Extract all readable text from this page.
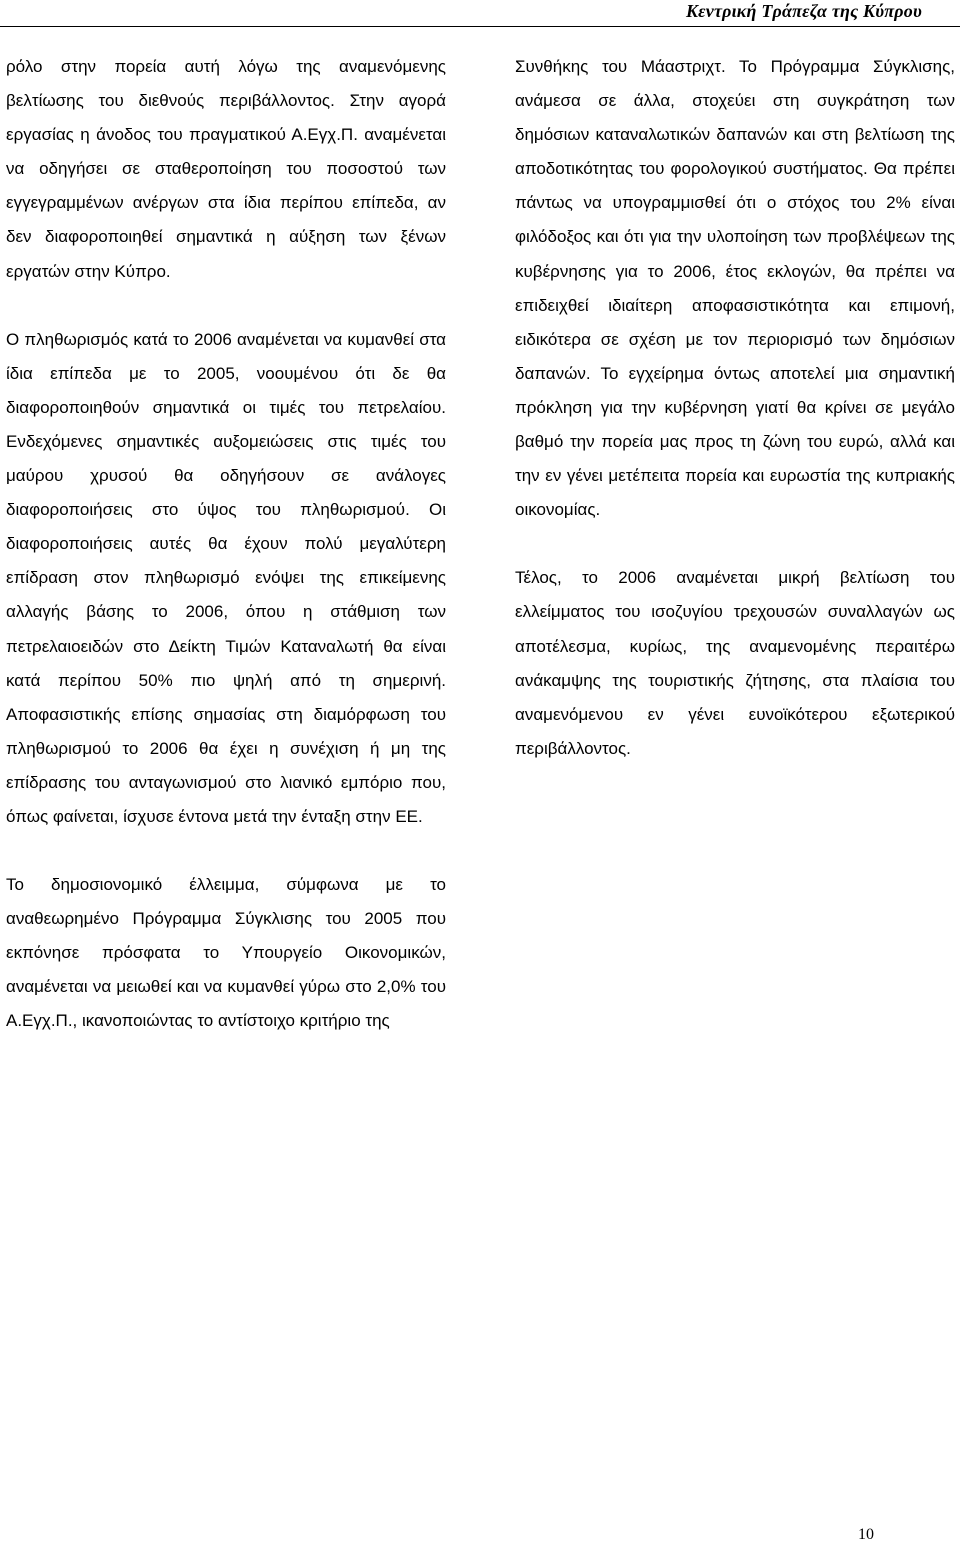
Κεντρική Τράπεζα της Κύπρου

ρόλο στην πορεία αυτή λόγω της αναμενόμενης βελτίωσης του διεθνούς περιβάλλοντος. Στην αγορά εργασίας η άνοδος του πραγματικού Α.Εγχ.Π. αναμένεται να οδηγήσει σε σταθεροποίηση του ποσοστού των εγγεγραμμένων ανέργων στα ίδια περίπου επίπεδα, αν δεν διαφοροποιηθεί σημαντικά η αύξηση των ξένων εργατών στην Κύπρο.

Ο πληθωρισμός κατά το 2006 αναμένεται να κυμανθεί στα ίδια επίπεδα με το 2005, νοουμένου ότι δε θα διαφοροποιηθούν σημαντικά οι τιμές του πετρελαίου. Ενδεχόμενες σημαντικές αυξομειώσεις στις τιμές του μαύρου χρυσού θα οδηγήσουν σε ανάλογες διαφοροποιήσεις στο ύψος του πληθωρισμού. Οι διαφοροποιήσεις αυτές θα έχουν πολύ μεγαλύτερη επίδραση στον πληθωρισμό ενόψει της επικείμενης αλλαγής βάσης το 2006, όπου η στάθμιση των πετρελαιοειδών στο Δείκτη Τιμών Καταναλωτή θα είναι κατά περίπου 50% πιο ψηλή από τη σημερινή. Αποφασιστικής επίσης σημασίας στη διαμόρφωση του πληθωρισμού το 2006 θα έχει η συνέχιση ή μη της επίδρασης του ανταγωνισμού στο λιανικό εμπόριο που, όπως φαίνεται, ίσχυσε έντονα μετά την ένταξη στην ΕΕ.

Το δημοσιονομικό έλλειμμα, σύμφωνα με το αναθεωρημένο Πρόγραμμα Σύγκλισης του 2005 που εκπόνησε πρόσφατα το Υπουργείο Οικονομικών, αναμένεται να μειωθεί και να κυμανθεί γύρω στο 2,0% του Α.Εγχ.Π., ικανοποιώντας το αντίστοιχο κριτήριο της

Συνθήκης του Μάαστριχτ. Το Πρόγραμμα Σύγκλισης, ανάμεσα σε άλλα, στοχεύει στη συγκράτηση των δημόσιων καταναλωτικών δαπανών και στη βελτίωση της αποδοτικότητας του φορολογικού συστήματος. Θα πρέπει πάντως να υπογραμμισθεί ότι ο στόχος του 2% είναι φιλόδοξος και ότι για την υλοποίηση των προβλέψεων της κυβέρνησης για το 2006, έτος εκλογών, θα πρέπει να επιδειχθεί ιδιαίτερη αποφασιστικότητα και επιμονή, ειδικότερα σε σχέση με τον περιορισμό των δημόσιων δαπανών. Το εγχείρημα όντως αποτελεί μια σημαντική πρόκληση για την κυβέρνηση γιατί θα κρίνει σε μεγάλο βαθμό την πορεία μας προς τη ζώνη του ευρώ, αλλά και την εν γένει μετέπειτα πορεία και ευρωστία της κυπριακής οικονομίας.

Τέλος, το 2006 αναμένεται μικρή βελτίωση του ελλείμματος του ισοζυγίου τρεχουσών συναλλαγών ως αποτέλεσμα, κυρίως, της αναμενομένης περαιτέρω ανάκαμψης της τουριστικής ζήτησης, στα πλαίσια του αναμενόμενου εν γένει ευνοϊκότερου εξωτερικού περιβάλλοντος.

10
